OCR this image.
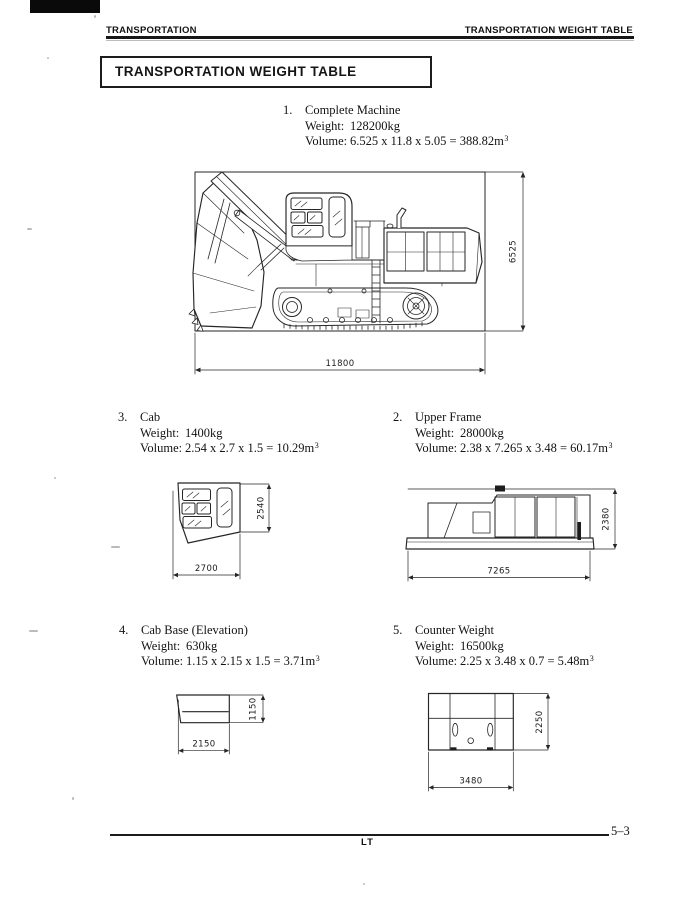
TRANSPORTATION	TRANSPORTATION WEIGHT TABLE
TRANSPORTATION WEIGHT TABLE
1. Complete Machine
Weight: 128200kg
Volume: 6.525 x 11.8 x $5.05 = 388.82m^3$
6525
11800
3. Cab
Weight: 1400kg
Volume: 2.54 x 2.7 x $1.5 = 10.29m^3$
2. Upper Frame
Weight: 28000kg
Volume: 2.38 x 7.265 x $3.48 = 60.17m^3$
2540
2700
2380
7265
4. Cab Base (Elevation)
Weight: 630kg
Volume: 1.15 x 2.15 x $1.5 = 3.71m^3$
5. Counter Weight
Weight: 16500kg
Volume: 2.25 x 3.48 x $0.7 = 5.48m^3$
1150
2150
2250
3480
LT
5–3
